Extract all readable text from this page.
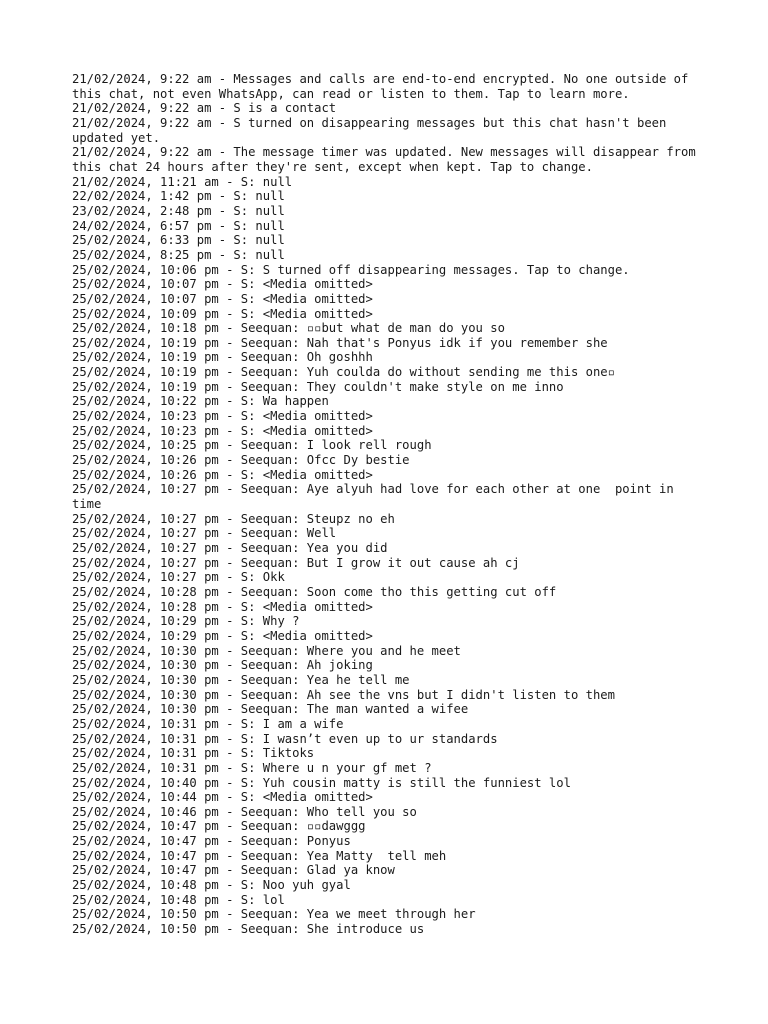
21/02/2024, 9:22 am - Messages and calls are end-to-end encrypted. No one outside of this chat, not even WhatsApp, can read or listen to them. Tap to learn more.
21/02/2024, 9:22 am - S is a contact
21/02/2024, 9:22 am - S turned on disappearing messages but this chat hasn't been updated yet.
21/02/2024, 9:22 am - The message timer was updated. New messages will disappear from this chat 24 hours after they're sent, except when kept. Tap to change.
21/02/2024, 11:21 am - S: null
22/02/2024, 1:42 pm - S: null
23/02/2024, 2:48 pm - S: null
24/02/2024, 6:57 pm - S: null
25/02/2024, 6:33 pm - S: null
25/02/2024, 8:25 pm - S: null
25/02/2024, 10:06 pm - S: S turned off disappearing messages. Tap to change.
25/02/2024, 10:07 pm - S: <Media omitted>
25/02/2024, 10:07 pm - S: <Media omitted>
25/02/2024, 10:09 pm - S: <Media omitted>
25/02/2024, 10:18 pm - Seequan: ▫▫but what de man do you so
25/02/2024, 10:19 pm - Seequan: Nah that's Ponyus idk if you remember she
25/02/2024, 10:19 pm - Seequan: Oh goshhh
25/02/2024, 10:19 pm - Seequan: Yuh coulda do without sending me this one▫
25/02/2024, 10:19 pm - Seequan: They couldn't make style on me inno
25/02/2024, 10:22 pm - S: Wa happen
25/02/2024, 10:23 pm - S: <Media omitted>
25/02/2024, 10:23 pm - S: <Media omitted>
25/02/2024, 10:25 pm - Seequan: I look rell rough
25/02/2024, 10:26 pm - Seequan: Ofcc Dy bestie
25/02/2024, 10:26 pm - S: <Media omitted>
25/02/2024, 10:27 pm - Seequan: Aye alyuh had love for each other at one  point in time
25/02/2024, 10:27 pm - Seequan: Steupz no eh
25/02/2024, 10:27 pm - Seequan: Well
25/02/2024, 10:27 pm - Seequan: Yea you did
25/02/2024, 10:27 pm - Seequan: But I grow it out cause ah cj
25/02/2024, 10:27 pm - S: Okk
25/02/2024, 10:28 pm - Seequan: Soon come tho this getting cut off
25/02/2024, 10:28 pm - S: <Media omitted>
25/02/2024, 10:29 pm - S: Why ?
25/02/2024, 10:29 pm - S: <Media omitted>
25/02/2024, 10:30 pm - Seequan: Where you and he meet
25/02/2024, 10:30 pm - Seequan: Ah joking
25/02/2024, 10:30 pm - Seequan: Yea he tell me
25/02/2024, 10:30 pm - Seequan: Ah see the vns but I didn't listen to them
25/02/2024, 10:30 pm - Seequan: The man wanted a wifee
25/02/2024, 10:31 pm - S: I am a wife
25/02/2024, 10:31 pm - S: I wasn’t even up to ur standards
25/02/2024, 10:31 pm - S: Tiktoks
25/02/2024, 10:31 pm - S: Where u n your gf met ?
25/02/2024, 10:40 pm - S: Yuh cousin matty is still the funniest lol
25/02/2024, 10:44 pm - S: <Media omitted>
25/02/2024, 10:46 pm - Seequan: Who tell you so
25/02/2024, 10:47 pm - Seequan: ▫▫dawggg
25/02/2024, 10:47 pm - Seequan: Ponyus
25/02/2024, 10:47 pm - Seequan: Yea Matty  tell meh
25/02/2024, 10:47 pm - Seequan: Glad ya know
25/02/2024, 10:48 pm - S: Noo yuh gyal
25/02/2024, 10:48 pm - S: lol
25/02/2024, 10:50 pm - Seequan: Yea we meet through her
25/02/2024, 10:50 pm - Seequan: She introduce us
